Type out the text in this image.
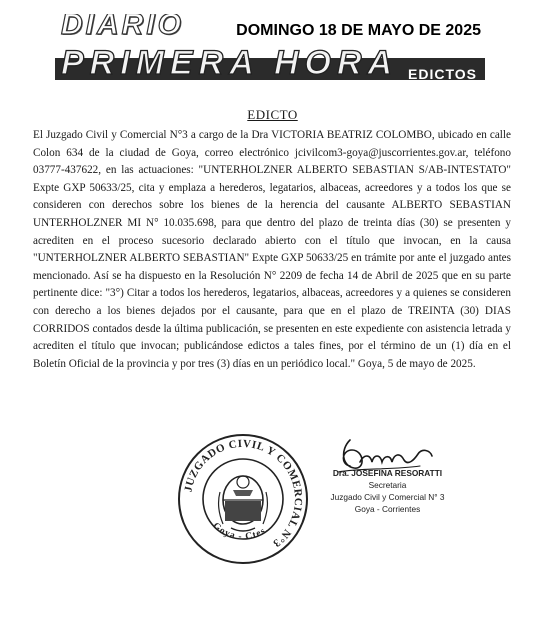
DIARIO
PRIMERA HORA EDICTOS
DOMINGO 18 DE MAYO DE 2025
EDICTO

El Juzgado Civil y Comercial N°3 a cargo de la Dra VICTORIA BEATRIZ COLOMBO, ubicado en calle Colon 634 de la ciudad de Goya, correo electrónico jcivilcom3-goya@juscorrientes.gov.ar, teléfono 03777-437622, en las actuaciones: "UNTERHOLZNER ALBERTO SEBASTIAN S/AB-INTESTATO" Expte GXP 50633/25, cita y emplaza a herederos, legatarios, albaceas, acreedores y a todos los que se consideren con derechos sobre los bienes de la herencia del causante ALBERTO SEBASTIAN UNTERHOLZNER MI N° 10.035.698, para que dentro del plazo de treinta días (30) se presenten y acrediten en el proceso sucesorio declarado abierto con el título que invocan, en la causa "UNTERHOLZNER ALBERTO SEBASTIAN" Expte GXP 50633/25 en trámite por ante el juzgado antes mencionado. Así se ha dispuesto en la Resolución N° 2209 de fecha 14 de Abril de 2025 que en su parte pertinente dice: "3°) Citar a todos los herederos, legatarios, albaceas, acreedores y a quienes se consideren con derecho a los bienes dejados por el causante, para que en el plazo de TREINTA (30) DIAS CORRIDOS contados desde la última publicación, se presenten en este expediente con asistencia letrada y acrediten el título que invocan; publicándose edictos a tales fines, por el término de un (1) día en el Boletín Oficial de la provincia y por tres (3) días en un periódico local." Goya, 5 de mayo de 2025.

JUZGADO CIVIL Y COMERCIAL N°3
Goya - Ctes.
Dra. JOSEFINA RESORATTI
Secretaria
Juzgado Civil y Comercial N° 3
Goya - Corrientes
